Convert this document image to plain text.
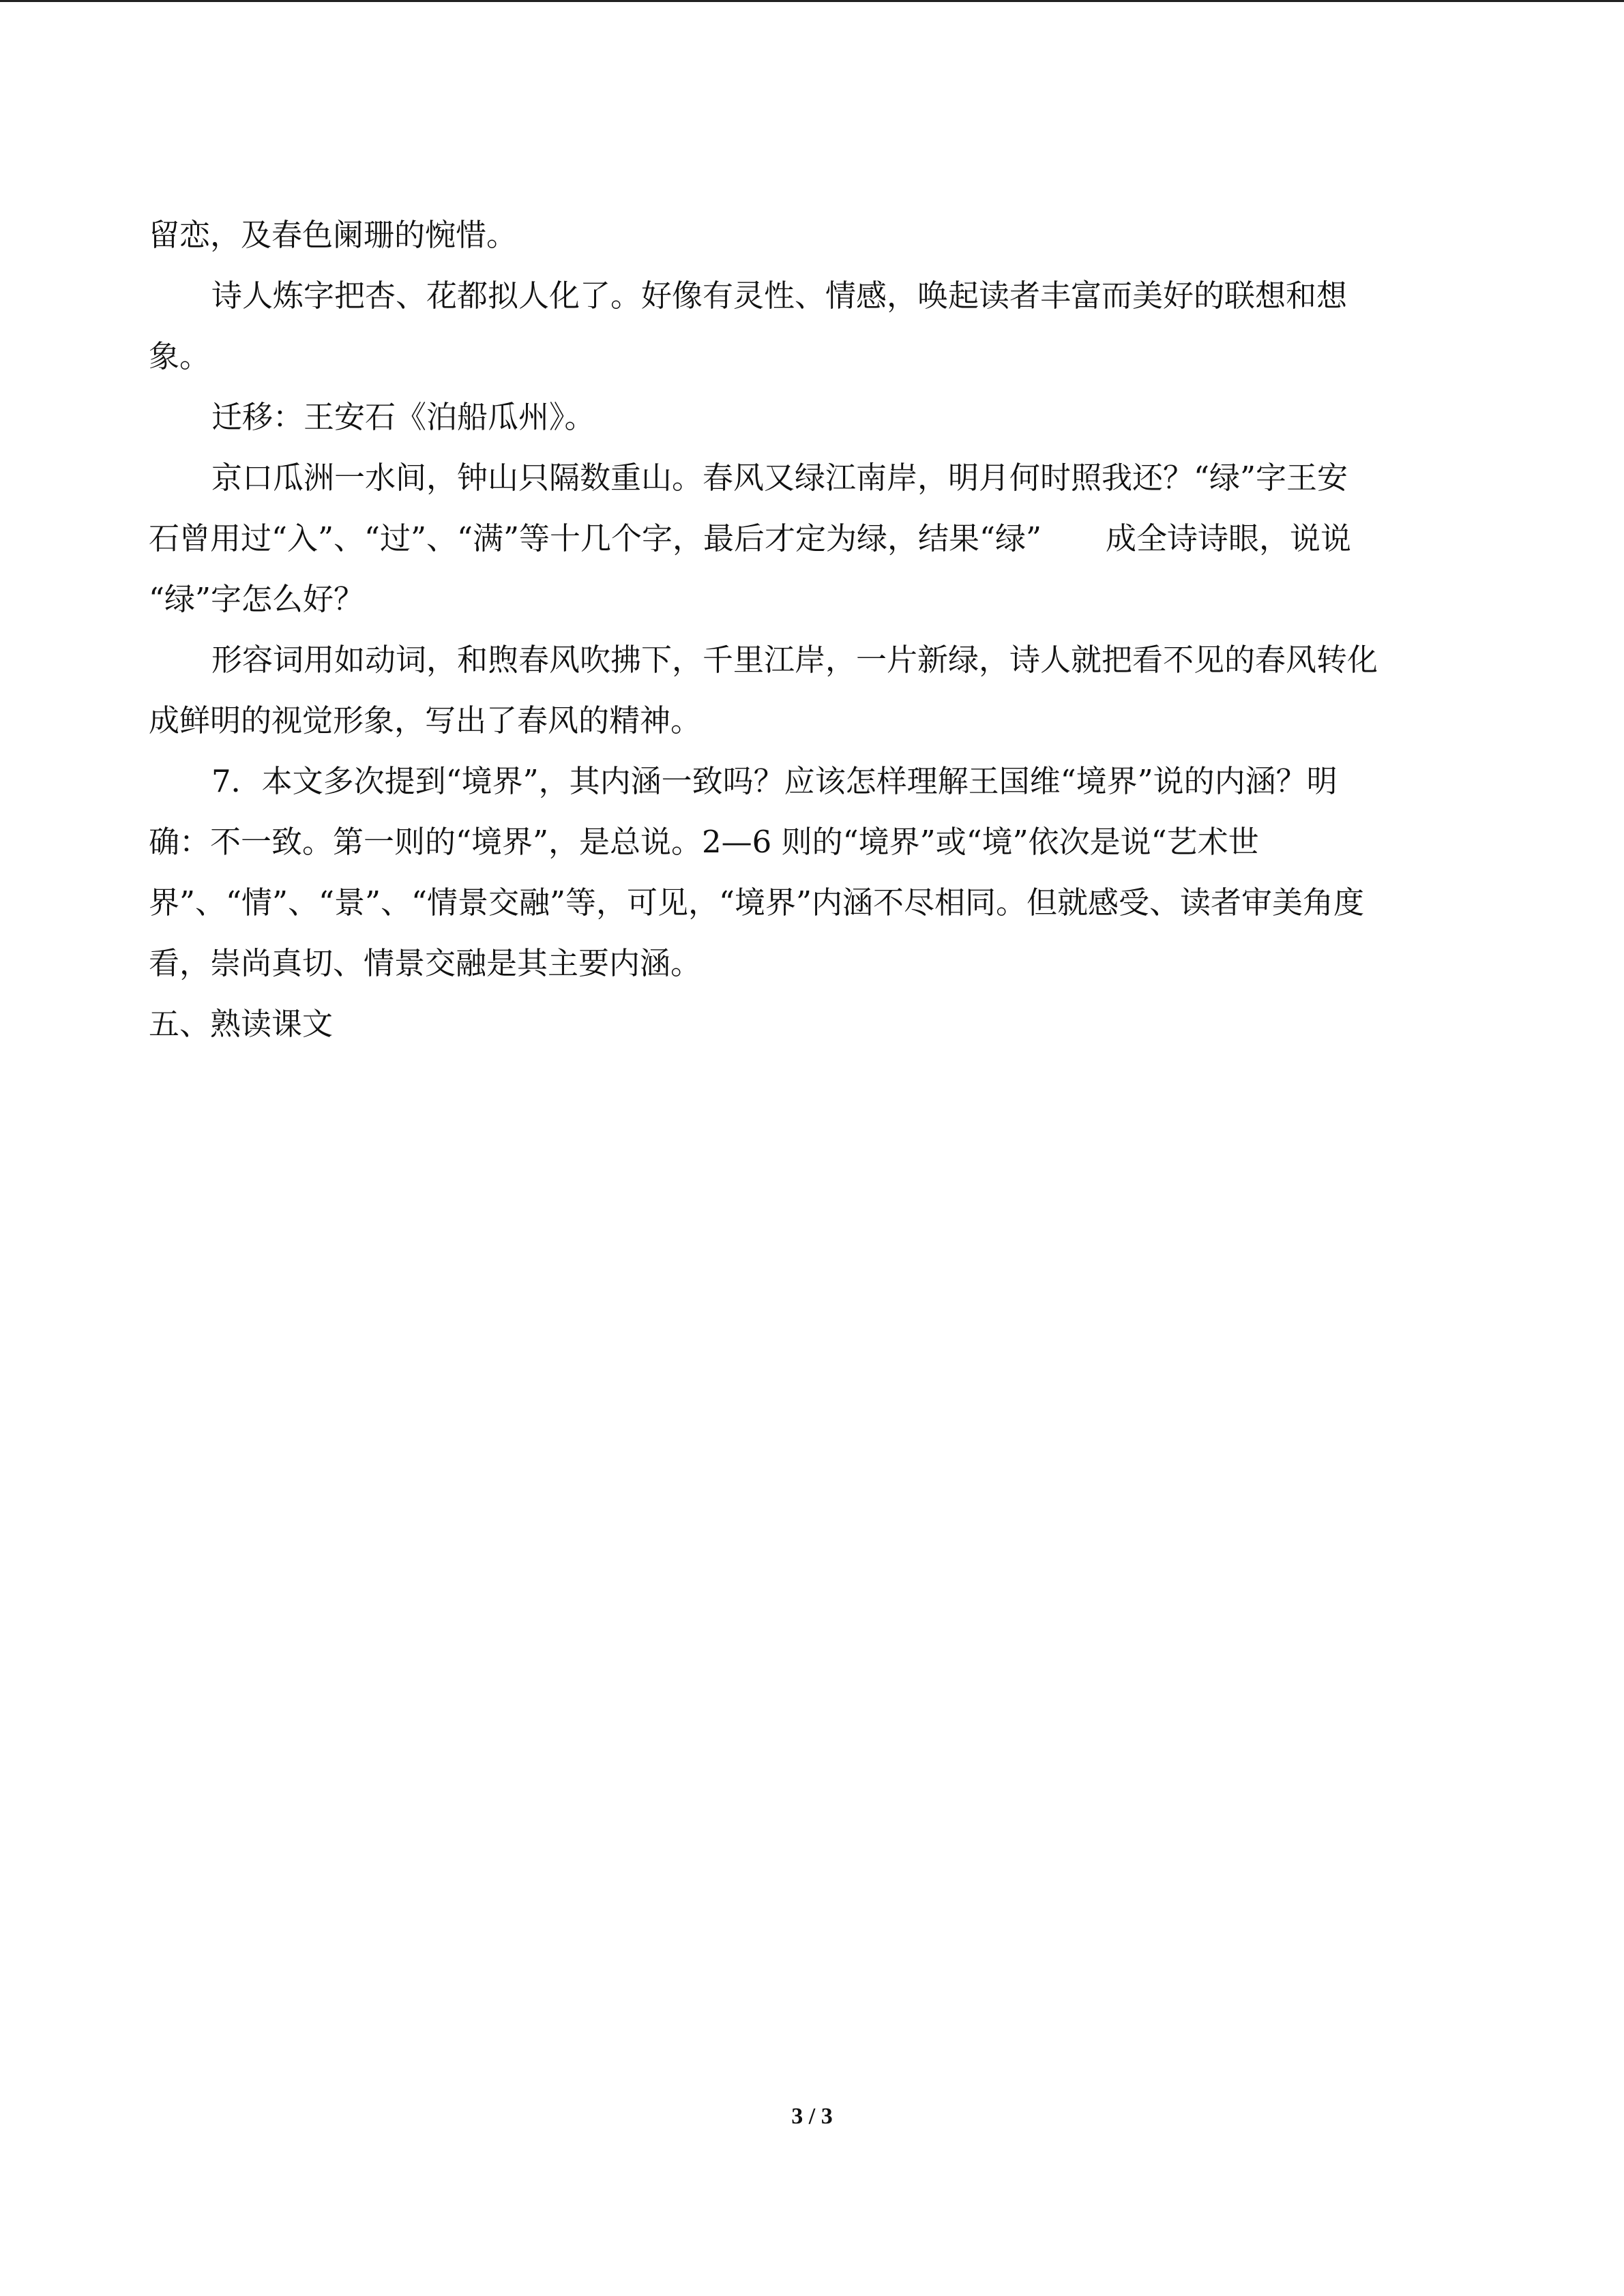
留恋，及春色阑珊的惋惜。
诗人炼字把杏、花都拟人化了。好像有灵性、情感，唤起读者丰富而美好的联想和想
象。
迁移：王安石《泊船瓜州》。
京口瓜洲一水间，钟山只隔数重山。春风又绿江南岸，明月何时照我还？“绿”字王安
石曾用过“入”、“过”、“满”等十几个字，最后才定为绿，结果“绿” 成全诗诗眼，说说
“绿”字怎么好？
形容词用如动词，和煦春风吹拂下，千里江岸，一片新绿，诗人就把看不见的春风转化
成鲜明的视觉形象，写出了春风的精神。
7．本文多次提到“境界”，其内涵一致吗？应该怎样理解王国维“境界”说的内涵？明
确：不一致。第一则的“境界”，是总说。2—6 则的“境界”或“境”依次是说“艺术世
界”、“情”、“景”、“情景交融”等，可见，“境界”内涵不尽相同。但就感受、读者审美角度
看，崇尚真切、情景交融是其主要内涵。
五、熟读课文
3 / 3
